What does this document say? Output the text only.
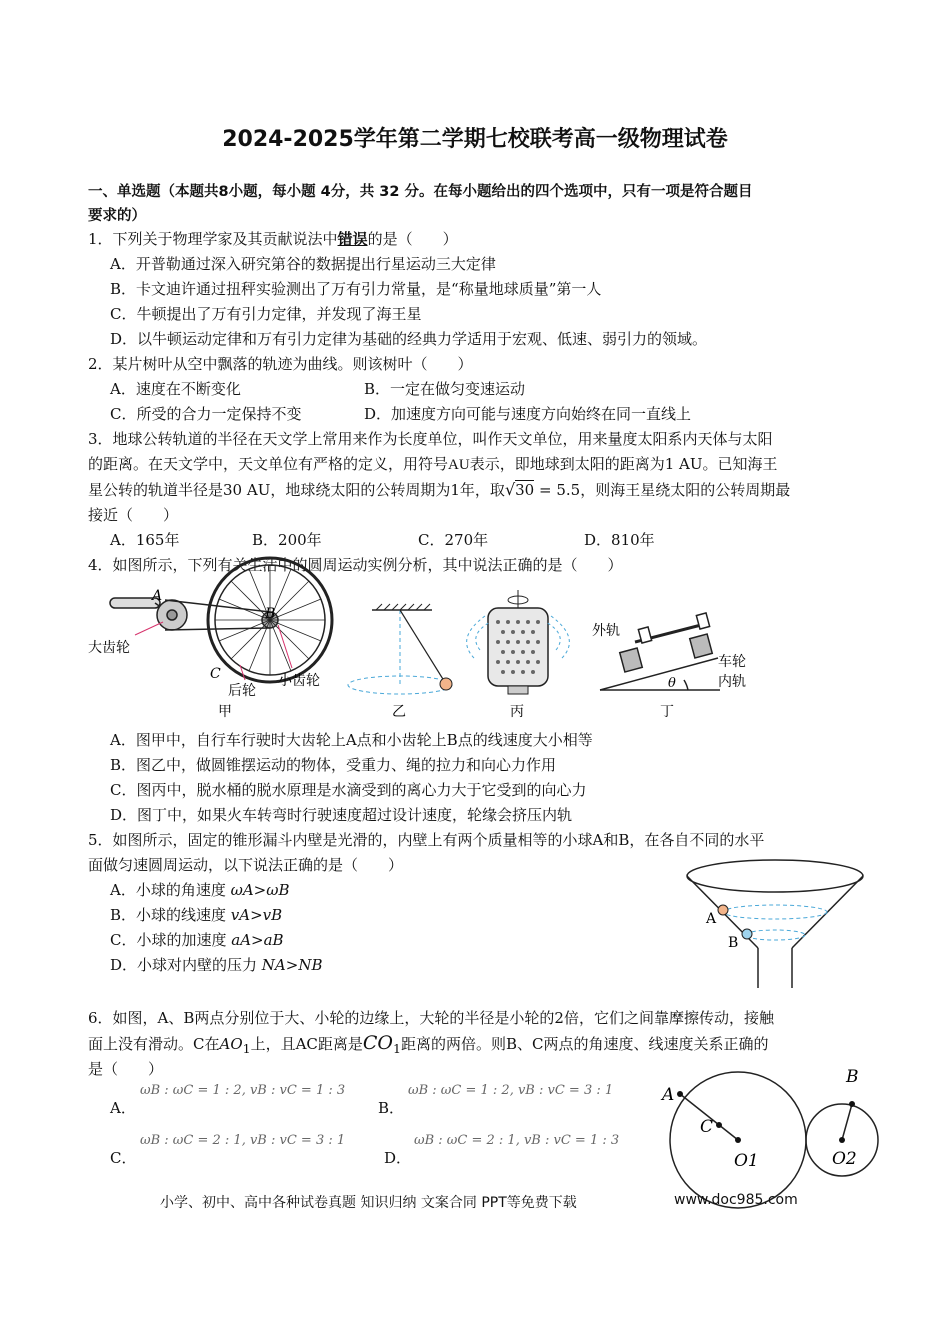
2024-2025学年第二学期七校联考高一级物理试卷
一、单选题（本题共8小题，每小题 4分，共 32 分。在每小题给出的四个选项中，只有一项是符合题目
要求的）
1．下列关于物理学家及其贡献说法中错误的是（　　）
A．开普勒通过深入研究第谷的数据提出行星运动三大定律
B．卡文迪许通过扭秤实验测出了万有引力常量，是“称量地球质量”第一人
C．牛顿提出了万有引力定律，并发现了海王星
D．以牛顿运动定律和万有引力定律为基础的经典力学适用于宏观、低速、弱引力的领域。
2．某片树叶从空中飘落的轨迹为曲线。则该树叶（　　）
A．速度在不断变化	B．一定在做匀变速运动
C．所受的合力一定保持不变	D．加速度方向可能与速度方向始终在同一直线上
3．地球公转轨道的半径在天文学上常用来作为长度单位，叫作天文单位，用来量度太阳系内天体与太阳
的距离。在天文学中，天文单位有严格的定义，用符号AU表示，即地球到太阳的距离为1 AU。已知海王
星公转的轨道半径是30 AU，地球绕太阳的公转周期为1年，取√30 = 5.5，则海王星绕太阳的公转周期最
接近（　　）
A．165年	B．200年	C．270年	D．810年
4．如图所示，下列有关生活中的圆周运动实例分析，其中说法正确的是（　　）
A
B
C
大齿轮
后轮
小齿轮
甲	乙	丙
θ
外轨
车轮
内轨
丁
A．图甲中，自行车行驶时大齿轮上A点和小齿轮上B点的线速度大小相等
B．图乙中，做圆锥摆运动的物体，受重力、绳的拉力和向心力作用
C．图丙中，脱水桶的脱水原理是水滴受到的离心力大于它受到的向心力
D．图丁中，如果火车转弯时行驶速度超过设计速度，轮缘会挤压内轨
5．如图所示，固定的锥形漏斗内壁是光滑的，内壁上有两个质量相等的小球A和B，在各自不同的水平
面做匀速圆周运动，以下说法正确的是（　　）
A．小球的角速度 ωA>ωB
B．小球的线速度 vA>vB
C．小球的加速度 aA>aB
D．小球对内壁的压力 NA>NB
A
B
6．如图，A、B两点分别位于大、小轮的边缘上，大轮的半径是小轮的2倍，它们之间靠摩擦传动，接触
面上没有滑动。C在$AO_1$上，且AC距离是$CO_1$距离的两倍。则B、C两点的角速度、线速度关系正确的
是（　　）
A．
ωB : ωC = 1 : 2, vB : vC = 1 : 3
B．
ωB : ωC = 1 : 2, vB : vC = 3 : 1
C．
ωB : ωC = 2 : 1, vB : vC = 3 : 1
D．
ωB : ωC = 2 : 1, vB : vC = 1 : 3
A
C
O1
B
O2
小学、初中、高中各种试卷真题 知识归纳 文案合同 PPT等免费下载	www.doc985.com
